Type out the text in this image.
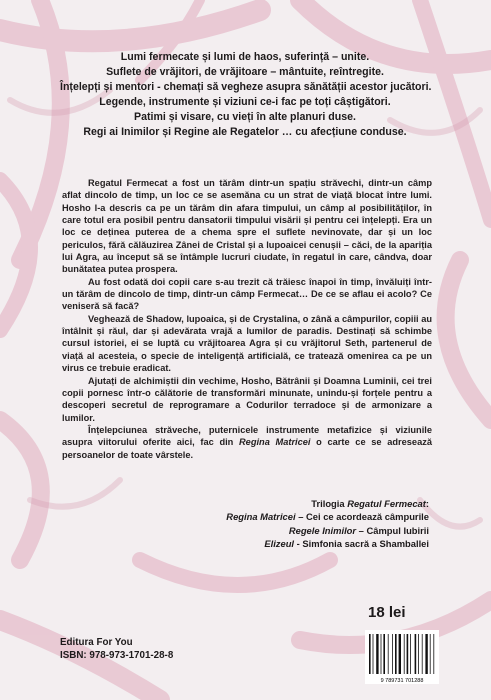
Lumi fermecate și lumi de haos, suferință – unite.
Suflete de vrăjitori, de vrăjitoare – mântuite, reîntregite.
Înțelepți și mentori - chemați să vegheze asupra sănătății acestor jucători.
Legende, instrumente și viziuni ce-i fac pe toți câștigători.
Patimi și visare, cu vieți în alte planuri duse.
Regi ai Inimilor și Regine ale Regatelor … cu afecțiune conduse.

Regatul Fermecat a fost un tărâm dintr-un spațiu străvechi, dintr-un câmp aflat dincolo de timp, un loc ce se asemăna cu un strat de viață blocat între lumi. Hosho l-a descris ca pe un tărâm din afara timpului, un câmp al posibilităților, în care totul era posibil pentru dansatorii timpului visării și pentru cei înțelepți. Era un loc ce deținea puterea de a chema spre el suflete nevinovate, dar și un loc periculos, fără călăuzirea Zânei de Cristal și a lupoaicei cenușii – căci, de la apariția lui Agra, au început să se întâmple lucruri ciudate, în regatul în care, cândva, doar bunătatea putea prospera.

Au fost odată doi copii care s-au trezit că trăiesc înapoi în timp, învăluiți într-un tărâm de dincolo de timp, dintr-un câmp Fermecat… De ce se aflau ei acolo? Ce veniseră să facă?

Veghează de Shadow, lupoaica, și de Crystalina, o zână a câmpurilor, copiii au întâlnit și răul, dar și adevărata vrajă a lumilor de paradis. Destinați să schimbe cursul istoriei, ei se luptă cu vrăjitoarea Agra și cu vrăjitorul Seth, partenerul de viață al acesteia, o specie de inteligență artificială, ce tratează omenirea ca pe un virus ce trebuie eradicat.

Ajutați de alchimiștii din vechime, Hosho, Bătrânii și Doamna Luminii, cei trei copii pornesc într-o călătorie de transformări minunate, unindu-și forțele pentru a descoperi secretul de reprogramare a Codurilor terradoce și de armonizare a lumilor.

Înțelepciunea străveche, puternicele instrumente metafizice și viziunile asupra viitorului oferite aici, fac din Regina Matricei o carte ce se adresează persoanelor de toate vârstele.

Trilogia Regatul Fermecat:
Regina Matricei – Cei ce acordează câmpurile
Regele Inimilor – Câmpul Iubirii
Elizeul - Simfonia sacră a Shamballei
18 lei
Editura For You
ISBN: 978-973-1701-28-8
9 789731 701288
